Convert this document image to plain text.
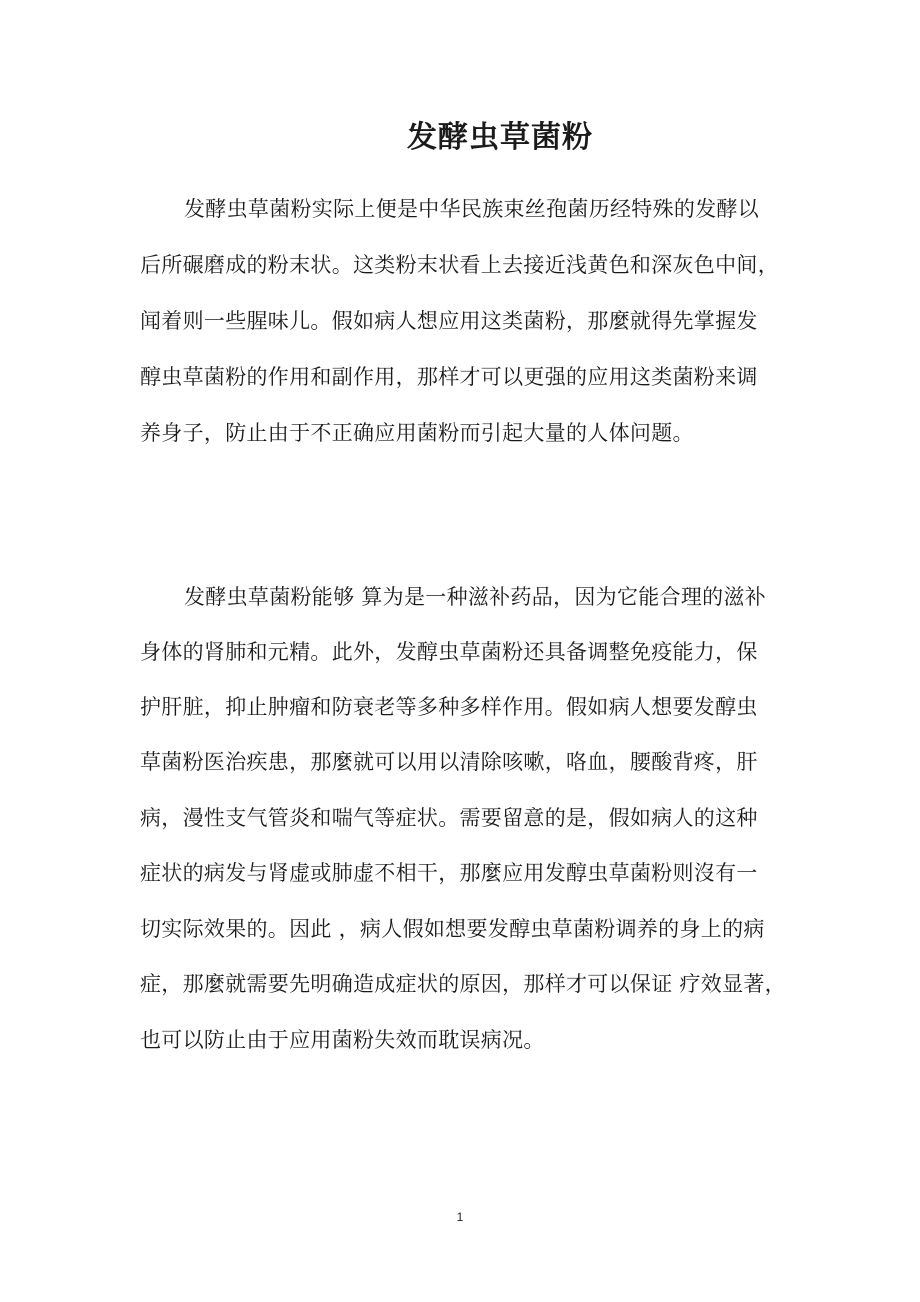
发酵虫草菌粉
发酵虫草菌粉实际上便是中华民族束丝孢菌历经特殊的发酵以
后所碾磨成的粉末状。这类粉末状看上去接近浅黄色和深灰色中间，
闻着则一些腥味儿。假如病人想应用这类菌粉，那麼就得先掌握发
醇虫草菌粉的作用和副作用，那样才可以更强的应用这类菌粉来调
养身子，防止由于不正确应用菌粉而引起大量的人体问题。
发酵虫草菌粉能够 算为是一种滋补药品，因为它能合理的滋补
身体的肾肺和元精。此外，发醇虫草菌粉还具备调整免疫能力，保
护肝脏，抑止肿瘤和防衰老等多种多样作用。假如病人想要发醇虫
草菌粉医治疾患，那麼就可以用以清除咳嗽，咯血，腰酸背疼，肝
病，漫性支气管炎和喘气等症状。需要留意的是，假如病人的这种
症状的病发与肾虚或肺虚不相干，那麼应用发醇虫草菌粉则沒有一
切实际效果的。因此 ，病人假如想要发醇虫草菌粉调养的身上的病
症，那麼就需要先明确造成症状的原因，那样才可以保证 疗效显著，
也可以防止由于应用菌粉失效而耽误病况。
1
